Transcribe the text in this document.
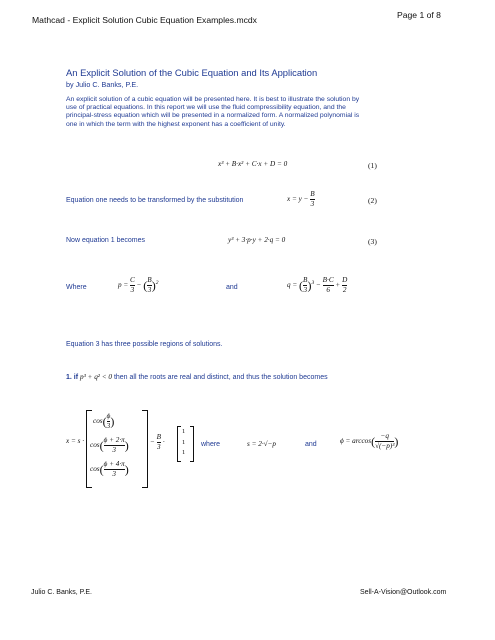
Mathcad - Explicit Solution Cubic Equation Examples.mcdx	Page 1 of 8
An Explicit Solution of the Cubic Equation and Its Application
by Julio C. Banks, P.E.
An explicit solution of a cubic equation will be presented here. It is best to illustrate the solution by
use of practical equations. In this report we will use the fluid compressibility equation, and the
principal-stress equation which will be presented in a normalized form. A normalized polynomial is
one in which the term with the highest exponent has a coefficient of unity.
x³ + B·x² + C·x + D = 0	(1)
Equation one needs to be transformed by the substitution	$x = y - \frac{B}{3}$	(2)
Now equation 1 becomes	y³ + 3·p·y + 2·q = 0	(3)
Where	$p = \frac{C}{3}$ − ( $\frac{B}{3} )^2$
and	q = ( $\frac{B}{3} )^3 - \frac{B\cdot C}{6} + \frac{D}{2}$
Equation 3 has three possible regions of solutions.
1. if p³ + q² < 0 then all the roots are real and distinct, and thus the solution becomes
x = s ·
$\cos( \frac{\phi}{3}$ )
$\cos( \frac{\phi + 2\cdot\pi}{3}$ )
$\cos( \frac{\phi + 4\cdot\pi}{3}$ )
− $\frac{B}{3}$ ·
1
1
1
where	s = 2·√−p	and	$\phi = \arccos( \frac{-q}{\text{√(−p)³}}$ )
Julio C. Banks, P.E.	Sell-A-Vision@Outlook.com
